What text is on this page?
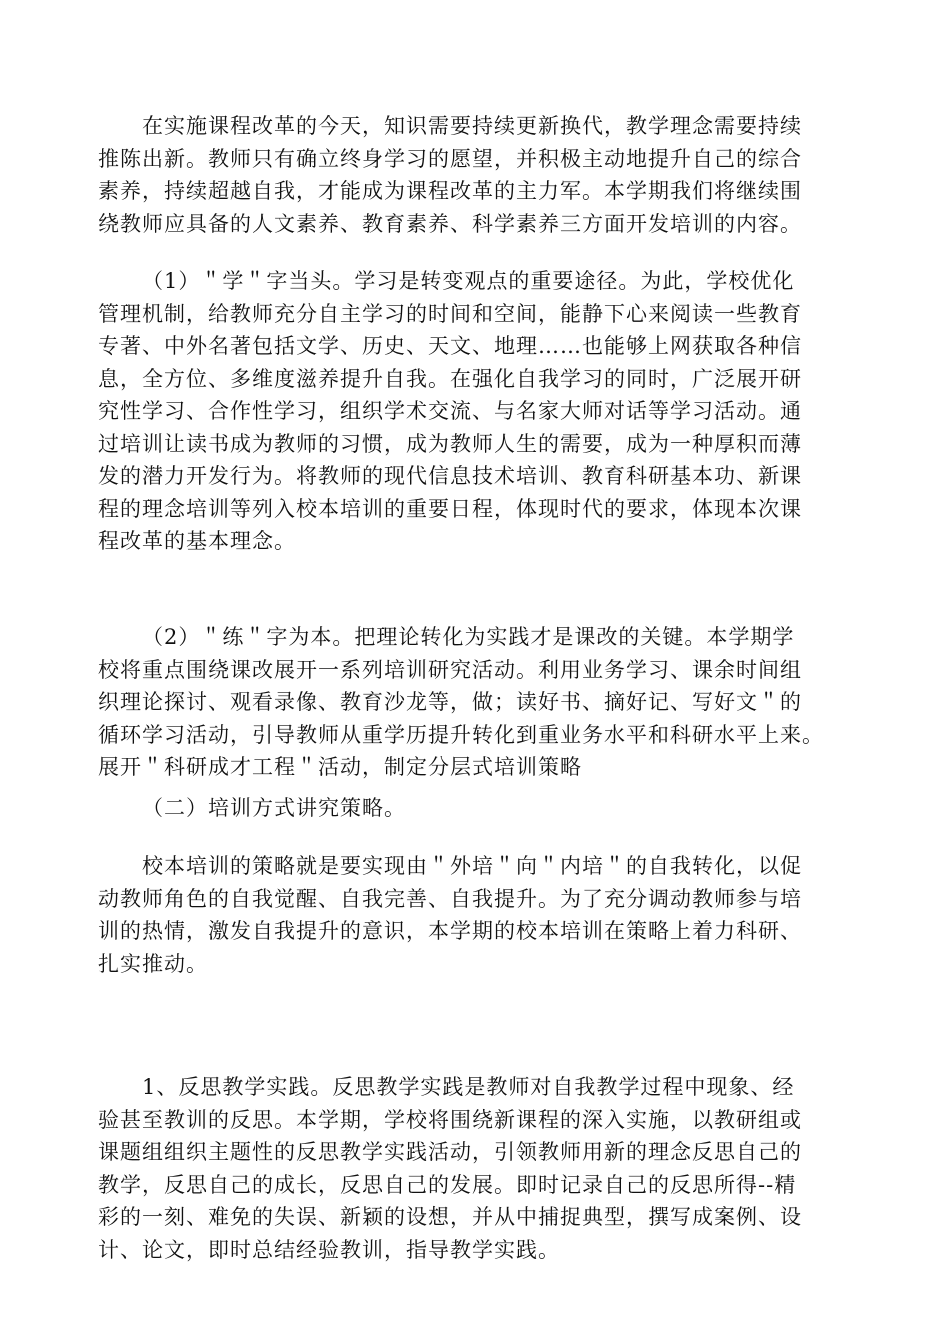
在实施课程改革的今天，知识需要持续更新换代，教学理念需要持续
推陈出新。教师只有确立终身学习的愿望，并积极主动地提升自己的综合
素养，持续超越自我，才能成为课程改革的主力军。本学期我们将继续围
绕教师应具备的人文素养、教育素养、科学素养三方面开发培训的内容。

（1）＂学＂字当头。学习是转变观点的重要途径。为此，学校优化
管理机制，给教师充分自主学习的时间和空间，能静下心来阅读一些教育
专著、中外名著包括文学、历史、天文、地理……也能够上网获取各种信
息，全方位、多维度滋养提升自我。在强化自我学习的同时，广泛展开研
究性学习、合作性学习，组织学术交流、与名家大师对话等学习活动。通
过培训让读书成为教师的习惯，成为教师人生的需要，成为一种厚积而薄
发的潜力开发行为。将教师的现代信息技术培训、教育科研基本功、新课
程的理念培训等列入校本培训的重要日程，体现时代的要求，体现本次课
程改革的基本理念。

（2）＂练＂字为本。把理论转化为实践才是课改的关键。本学期学
校将重点围绕课改展开一系列培训研究活动。利用业务学习、课余时间组
织理论探讨、观看录像、教育沙龙等，做；读好书、摘好记、写好文＂的
循环学习活动，引导教师从重学历提升转化到重业务水平和科研水平上来。
展开＂科研成才工程＂活动，制定分层式培训策略

（二）培训方式讲究策略。

校本培训的策略就是要实现由＂外培＂向＂内培＂的自我转化，以促
动教师角色的自我觉醒、自我完善、自我提升。为了充分调动教师参与培
训的热情，激发自我提升的意识，本学期的校本培训在策略上着力科研、
扎实推动。

1、反思教学实践。反思教学实践是教师对自我教学过程中现象、经
验甚至教训的反思。本学期，学校将围绕新课程的深入实施，以教研组或
课题组组织主题性的反思教学实践活动，引领教师用新的理念反思自己的
教学，反思自己的成长，反思自己的发展。即时记录自己的反思所得--精
彩的一刻、难免的失误、新颖的设想，并从中捕捉典型，撰写成案例、设
计、论文，即时总结经验教训，指导教学实践。
